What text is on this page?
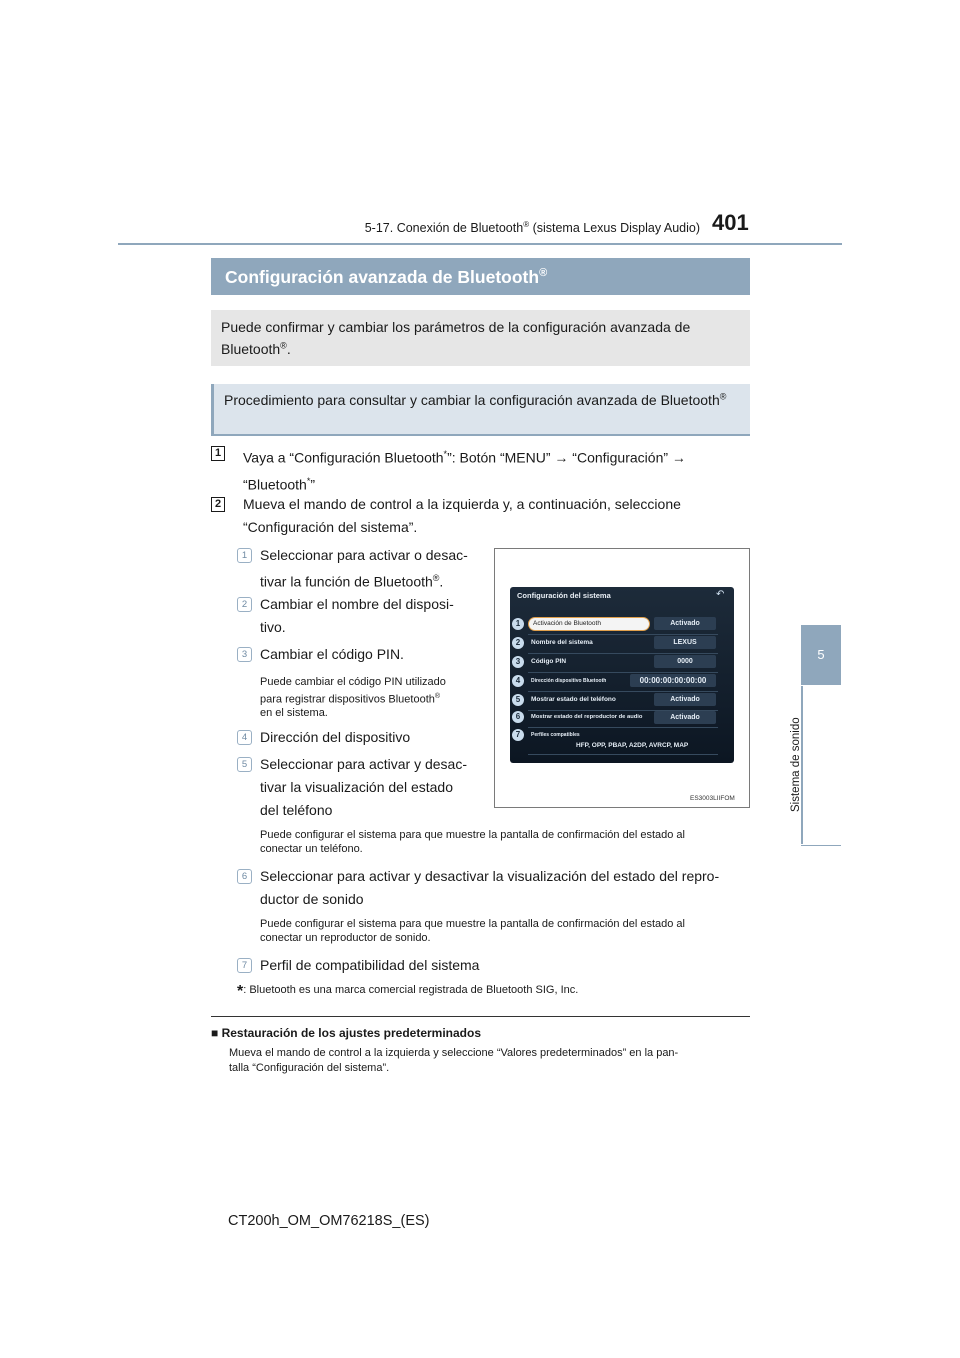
5-17. Conexión de Bluetooth® (sistema Lexus Display Audio) 401
5
Sistema de sonido
Configuración avanzada de Bluetooth®
Puede confirmar y cambiar los parámetros de la configuración avanzada de Bluetooth®.
Procedimiento para consultar y cambiar la configuración avanzada de Bluetooth®
1 Vaya a “Configuración Bluetooth*”: Botón “MENU” → “Configuración” →
“Bluetooth*”
2 Mueva el mando de control a la izquierda y, a continuación, seleccione
“Configuración del sistema”.
1 Seleccionar para activar o desac-
tivar la función de Bluetooth®.
2 Cambiar el nombre del disposi-
tivo.
3 Cambiar el código PIN.
Puede cambiar el código PIN utilizado
para registrar dispositivos Bluetooth®
en el sistema.
4 Dirección del dispositivo
5 Seleccionar para activar y desac-
tivar la visualización del estado
del teléfono
Puede configurar el sistema para que muestre la pantalla de confirmación del estado al
conectar un teléfono.
6 Seleccionar para activar y desactivar la visualización del estado del repro-
ductor de sonido
Puede configurar el sistema para que muestre la pantalla de confirmación del estado al
conectar un reproductor de sonido.
7 Perfil de compatibilidad del sistema
*: Bluetooth es una marca comercial registrada de Bluetooth SIG, Inc.
Configuración del sistema	↶
1	Activación de Bluetooth	Activado
2	Nombre del sistema	LEXUS
3	Código PIN	0000
4	Dirección dispositivo Bluetooth	00:00:00:00:00:00
5	Mostrar estado del teléfono	Activado
6	Mostrar estado del reproductor de audio	Activado
7	Perfiles compatibles
HFP, OPP, PBAP, A2DP, AVRCP, MAP
ES3003LIIFOM
■ Restauración de los ajustes predeterminados
Mueva el mando de control a la izquierda y seleccione “Valores predeterminados” en la pan-
talla “Configuración del sistema”.
CT200h_OM_OM76218S_(ES)
